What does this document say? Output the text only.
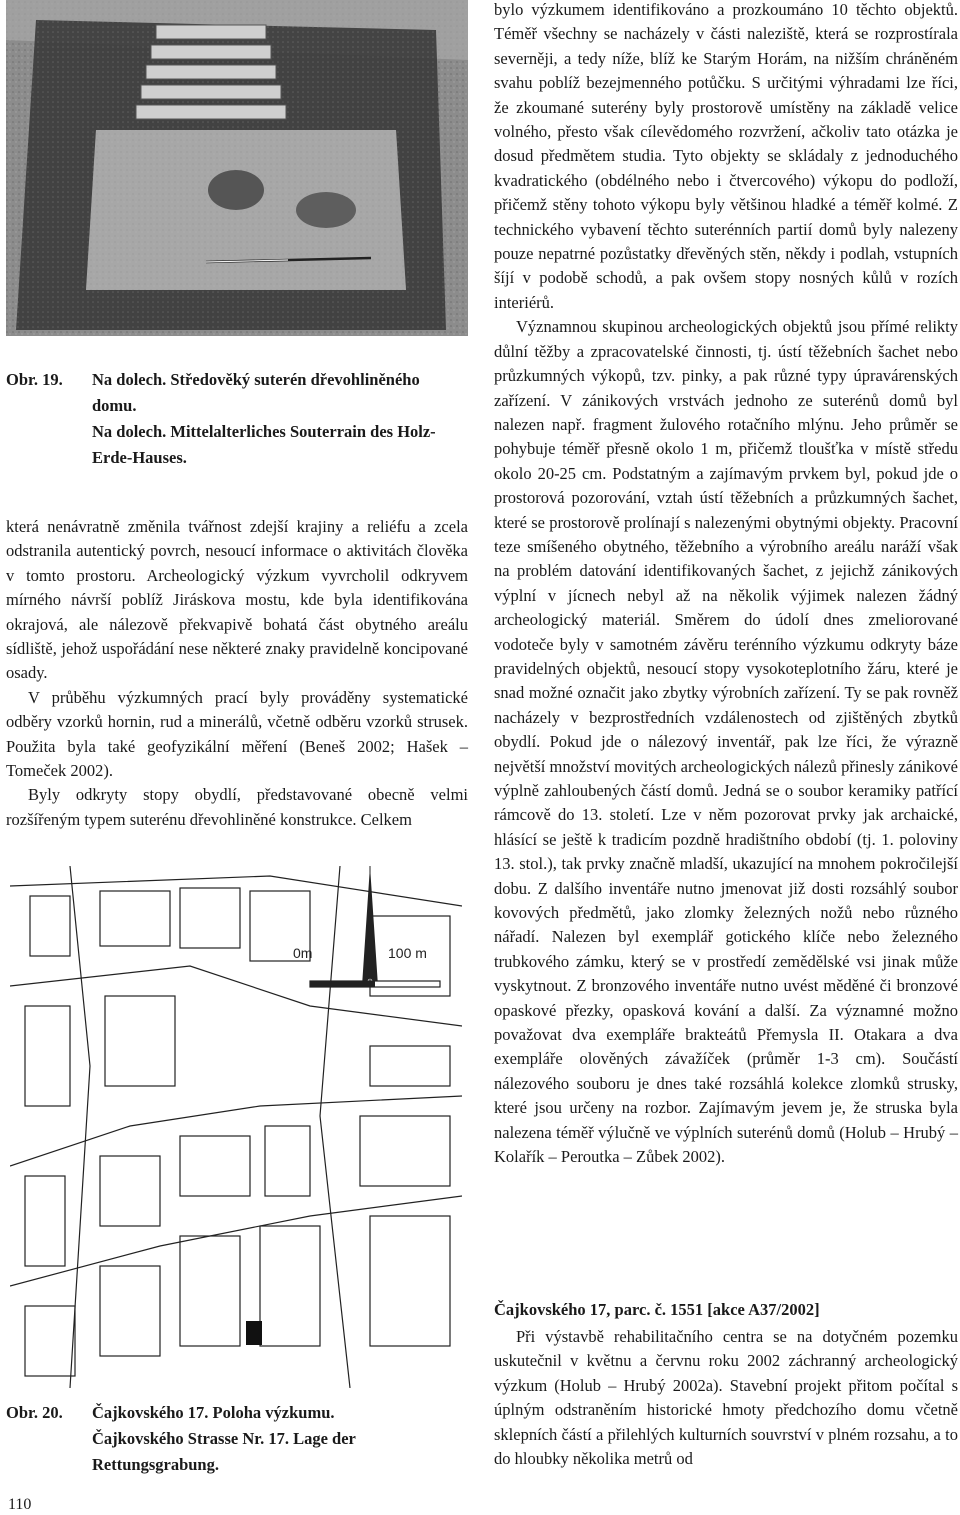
Obr. 19. Na dolech. Středověký suterén dřevohliněného domu.
Na dolech. Mittelalterliches Souterrain des Holz-Erde-Hauses.

která nenávratně změnila tvářnost zdejší krajiny a reliéfu a zcela odstranila autentický povrch, nesoucí informace o aktivitách člověka v tomto prostoru. Archeologický výzkum vyvrcholil odkryvem mírného návrší poblíž Jiráskova mostu, kde byla identifikována okrajová, ale nálezově překvapivě bohatá část obytného areálu sídliště, jehož uspořádání nese některé znaky pravidelně koncipované osady.

V průběhu výzkumných prací byly prováděny systematické odběry vzorků hornin, rud a minerálů, včetně odběru vzorků strusek. Použita byla také geofyzikální měření (Beneš 2002; Hašek – Tomeček 2002).

Byly odkryty stopy obydlí, představované obecně velmi rozšířeným typem suterénu dřevohliněné konstrukce. Celkem

0m	100 m
Obr. 20. Čajkovského 17. Poloha výzkumu.
Čajkovského Strasse Nr. 17. Lage der Rettungsgrabung.

bylo výzkumem identifikováno a prozkoumáno 10 těchto objektů. Téměř všechny se nacházely v části naleziště, která se rozprostírala severněji, a tedy níže, blíž ke Starým Horám, na nižším chráněném svahu poblíž bezejmenného potůčku. S určitými výhradami lze říci, že zkoumané suterény byly prostorově umístěny na základě velice volného, přesto však cílevědomého rozvržení, ačkoliv tato otázka je dosud předmětem studia. Tyto objekty se skládaly z jednoduchého kvadratického (obdélného nebo i čtvercového) výkopu do podloží, přičemž stěny tohoto výkopu byly většinou hladké a téměř kolmé. Z technického vybavení těchto suterénních partií domů byly nalezeny pouze nepatrné pozůstatky dřevěných stěn, někdy i podlah, vstupních šíjí v podobě schodů, a pak ovšem stopy nosných kůlů v rozích interiérů.

Významnou skupinou archeologických objektů jsou přímé relikty důlní těžby a zpracovatelské činnosti, tj. ústí těžebních šachet nebo průzkumných výkopů, tzv. pinky, a pak různé typy úpravárenských zařízení. V zánikových vrstvách jednoho ze suterénů domů byl nalezen např. fragment žulového rotačního mlýnu. Jeho průměr se pohybuje téměř přesně okolo 1 m, přičemž tloušťka v místě středu okolo 20-25 cm. Podstatným a zajímavým prvkem byl, pokud jde o prostorová pozorování, vztah ústí těžebních a průzkumných šachet, které se prostorově prolínají s nalezenými obytnými objekty. Pracovní teze smíšeného obytného, těžebního a výrobního areálu naráží však na problém datování identifikovaných šachet, z jejichž zánikových výplní v jícnech nebyl až na několik výjimek nalezen žádný archeologický materiál. Směrem do údolí dnes zmeliorované vodoteče byly v samotném závěru terénního výzkumu odkryty báze pravidelných objektů, nesoucí stopy vysokoteplotního žáru, které je snad možné označit jako zbytky výrobních zařízení. Ty se pak rovněž nacházely v bezprostředních vzdálenostech od zjištěných zbytků obydlí. Pokud jde o nálezový inventář, pak lze říci, že výrazně největší množství movitých archeologických nálezů přinesly zánikové výplně zahloubených částí domů. Jedná se o soubor keramiky patřící rámcově do 13. století. Lze v něm pozorovat prvky jak archaické, hlásící se ještě k tradicím pozdně hradištního období (tj. 1. poloviny 13. stol.), tak prvky značně mladší, ukazující na mnohem pokročilejší dobu. Z dalšího inventáře nutno jmenovat již dosti rozsáhlý soubor kovových předmětů, jako zlomky železných nožů nebo různého nářadí. Nalezen byl exemplář gotického klíče nebo železného trubkového zámku, který se v prostředí zemědělské vsi jinak může vyskytnout. Z bronzového inventáře nutno uvést měděné či bronzové opaskové přezky, opasková kování a další. Za významné možno považovat dva exempláře brakteátů Přemysla II. Otakara a dva exempláře olověných závažíček (průměr 1-3 cm). Součástí nálezového souboru je dnes také rozsáhlá kolekce zlomků strusky, které jsou určeny na rozbor. Zajímavým jevem je, že struska byla nalezena téměř výlučně ve výplních suterénů domů (Holub – Hrubý – Kolařík – Peroutka – Zůbek 2002).

Čajkovského 17, parc. č. 1551 [akce A37/2002]

Při výstavbě rehabilitačního centra se na dotyčném pozemku uskutečnil v květnu a červnu roku 2002 záchranný archeologický výzkum (Holub – Hrubý 2002a). Stavební projekt přitom počítal s úplným odstraněním historické hmoty předchozího domu včetně sklepních částí a přilehlých kulturních souvrství v plném rozsahu, a to do hloubky několika metrů od

110
